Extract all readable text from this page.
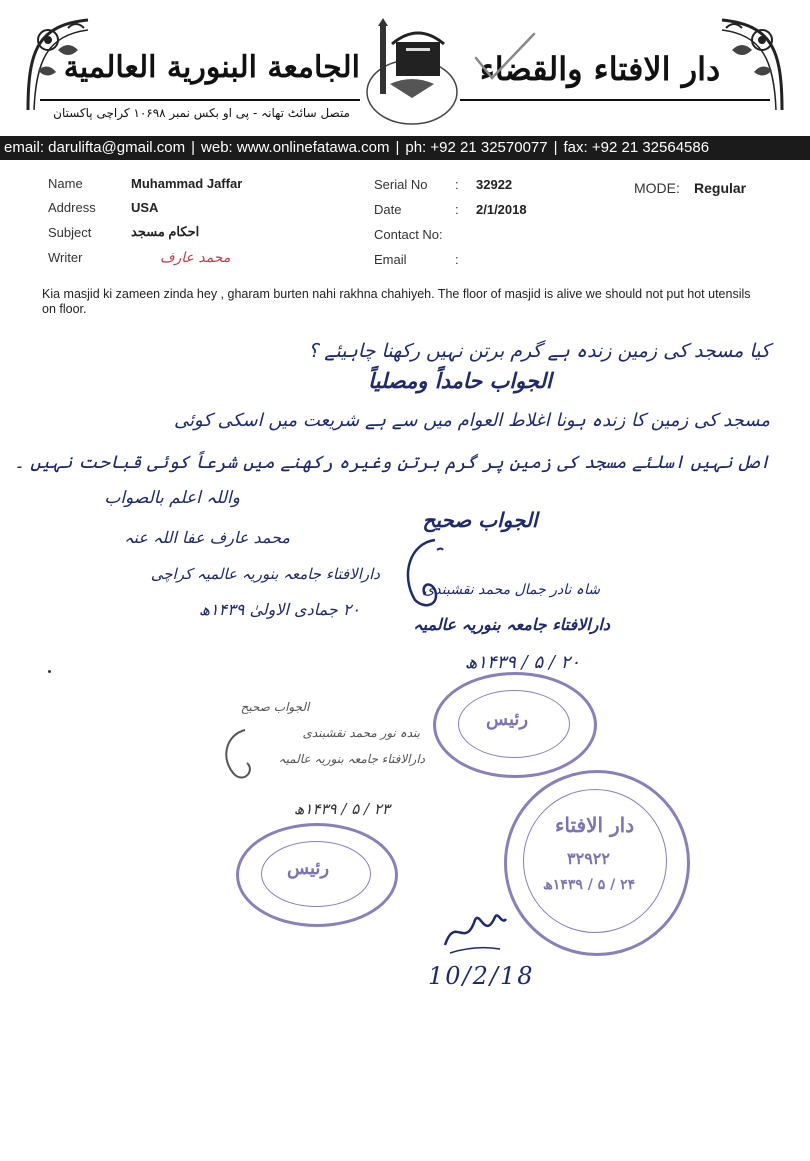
الجامعة البنورية العالمية	دار الافتاء والقضاء
متصل سائٹ تھانہ - پی او بکس نمبر ۱۰۶۹۸ کراچی پاکستان
email: darulifta@gmail.com | web: www.onlinefatawa.com | ph: +92 21 32570077 | fax: +92 21 32564586
Name	Muhammad Jaffar
Address	USA
Subject	احکام مسجد
Writer	محمد عارف
Serial No : 32922
Date	: 2/1/2018
Contact No:
Email	:
MODE: Regular
Kia masjid ki zameen zinda hey , gharam burten nahi rakhna chahiyeh. The floor of masjid is alive we should not put hot utensils on floor.
کیا مسجد کی زمین زندہ ہے گرم برتن نہیں رکھنا چاہیئے ؟
الجواب حامداً ومصلیاً
مسجد کی زمین کا زندہ ہونا اغلاط العوام میں سے ہے شریعت میں اسکی کوئی
اصل نہیں اسلئے مسجد کی زمین پر گرم برتن وغیرہ رکھنے میں شرعاً کوئی قباحت نہیں ۔
واللہ اعلم بالصواب
محمد عارف عفا اللہ عنہ
دارالافتاء جامعہ بنوریہ عالمیہ کراچی
۲۰ جمادی الاولیٰ ۱۴۳۹ھ
الجواب صحیح
شاہ نادر جمال محمد نقشبندی
دارالافتاء جامعہ بنوریہ عالمیہ
۲۰ / ۵ / ۱۴۳۹ھ
الجواب صحیح
بندہ نور محمد نقشبندی
دارالافتاء جامعہ بنوریہ عالمیہ
۲۳ / ۵ / ۱۴۳۹ھ
رئیس
رئیس
دار الافتاء
۳۲۹۲۲
۲۴ / ۵ / ۱۴۳۹ھ
10/2/18
